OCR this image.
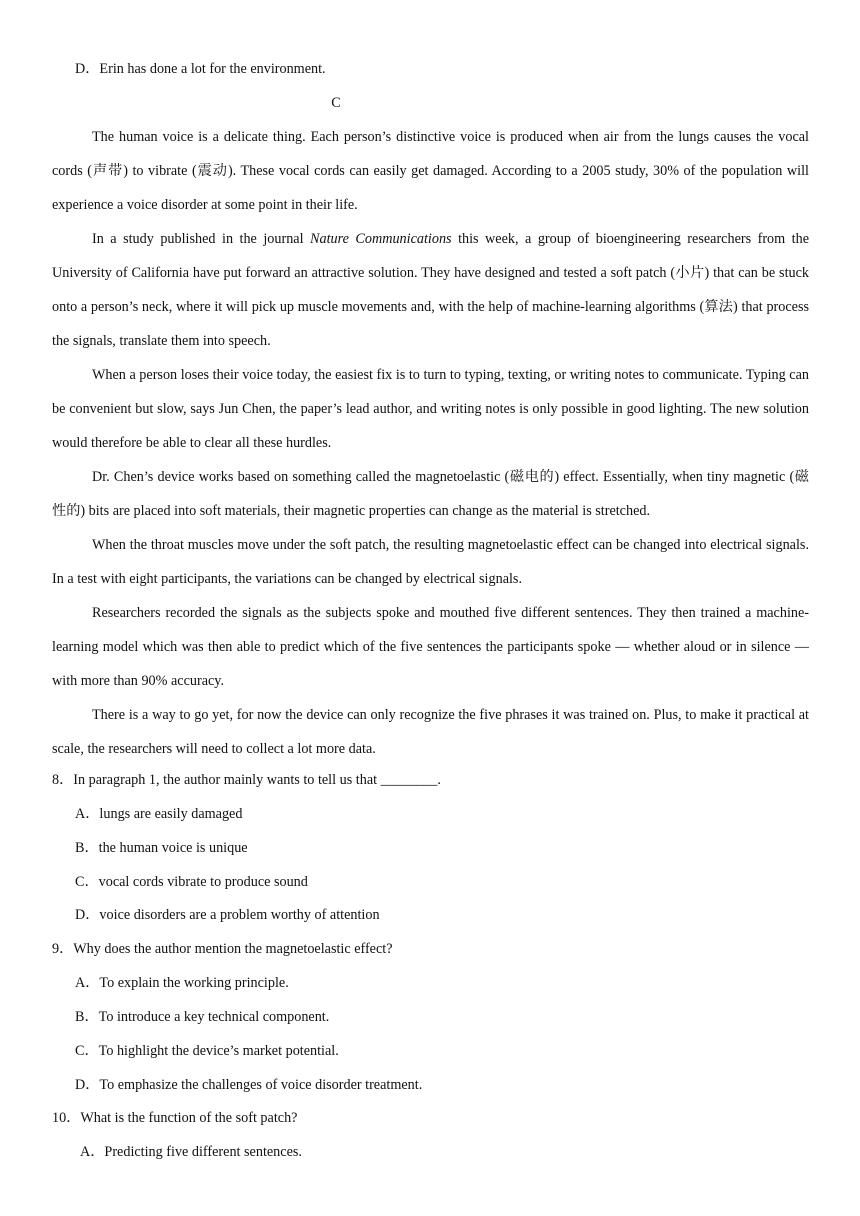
D．Erin has done a lot for the environment.
C

The human voice is a delicate thing. Each person’s distinctive voice is produced when air from the lungs causes the vocal cords (声带) to vibrate (震动). These vocal cords can easily get damaged. According to a 2005 study, 30% of the population will experience a voice disorder at some point in their life.

In a study published in the journal Nature Communications this week, a group of bioengineering researchers from the University of California have put forward an attractive solution. They have designed and tested a soft patch (小片) that can be stuck onto a person’s neck, where it will pick up muscle movements and, with the help of machine-learning algorithms (算法) that process the signals, translate them into speech.

When a person loses their voice today, the easiest fix is to turn to typing, texting, or writing notes to communicate. Typing can be convenient but slow, says Jun Chen, the paper’s lead author, and writing notes is only possible in good lighting. The new solution would therefore be able to clear all these hurdles.

Dr. Chen’s device works based on something called the magnetoelastic (磁电的) effect. Essentially, when tiny magnetic (磁性的) bits are placed into soft materials, their magnetic properties can change as the material is stretched.

When the throat muscles move under the soft patch, the resulting magnetoelastic effect can be changed into electrical signals. In a test with eight participants, the variations can be changed by electrical signals.

Researchers recorded the signals as the subjects spoke and mouthed five different sentences. They then trained a machine-learning model which was then able to predict which of the five sentences the participants spoke — whether aloud or in silence — with more than 90% accuracy.

There is a way to go yet, for now the device can only recognize the five phrases it was trained on. Plus, to make it practical at scale, the researchers will need to collect a lot more data.

8．In paragraph 1, the author mainly wants to tell us that ________.
A．lungs are easily damaged
B．the human voice is unique
C．vocal cords vibrate to produce sound
D．voice disorders are a problem worthy of attention
9．Why does the author mention the magnetoelastic effect?
A．To explain the working principle.
B．To introduce a key technical component.
C．To highlight the device’s market potential.
D．To emphasize the challenges of voice disorder treatment.
10．What is the function of the soft patch?
A．Predicting five different sentences.
